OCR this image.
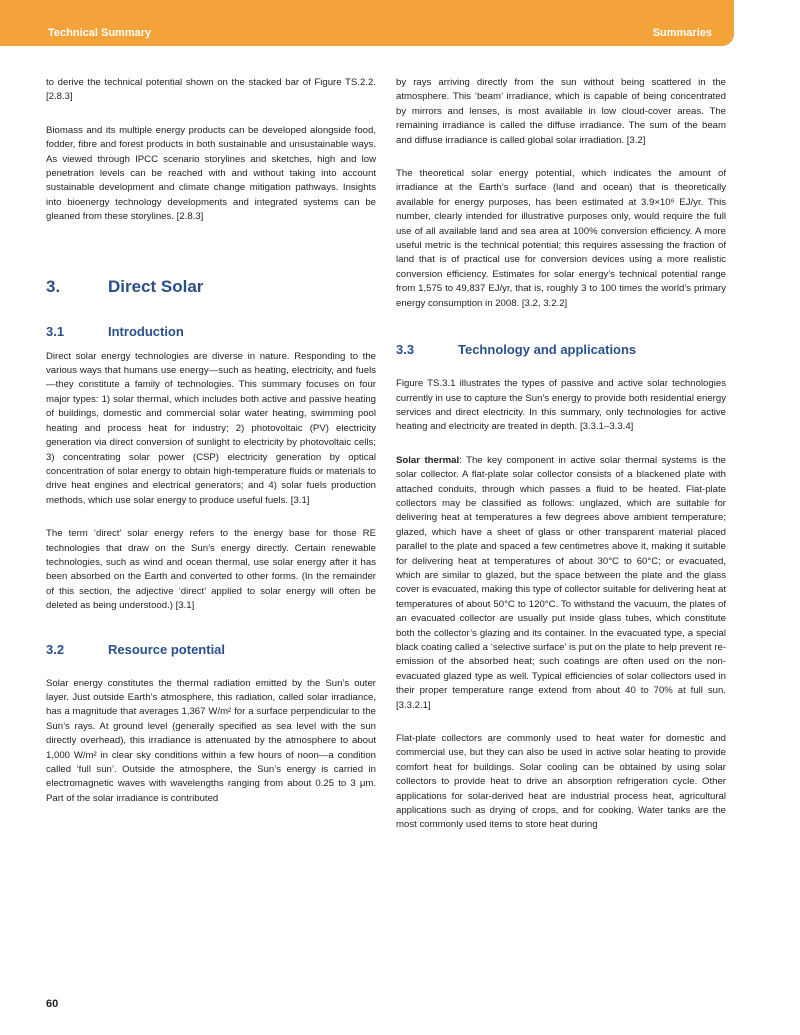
Technical Summary	Summaries

to derive the technical potential shown on the stacked bar of Figure TS.2.2. [2.8.3]

Biomass and its multiple energy products can be developed alongside food, fodder, fibre and forest products in both sustainable and unsustainable ways. As viewed through IPCC scenario storylines and sketches, high and low penetration levels can be reached with and without taking into account sustainable development and climate change mitigation pathways. Insights into bioenergy technology developments and integrated systems can be gleaned from these storylines. [2.8.3]

3.	Direct Solar
3.1	Introduction

Direct solar energy technologies are diverse in nature. Responding to the various ways that humans use energy—such as heating, electricity, and fuels—they constitute a family of technologies. This summary focuses on four major types: 1) solar thermal, which includes both active and passive heating of buildings, domestic and commercial solar water heating, swimming pool heating and process heat for industry; 2) photovoltaic (PV) electricity generation via direct conversion of sunlight to electricity by photovoltaic cells; 3) concentrating solar power (CSP) electricity generation by optical concentration of solar energy to obtain high-temperature fluids or materials to drive heat engines and electrical generators; and 4) solar fuels production methods, which use solar energy to produce useful fuels. [3.1]

The term ‘direct’ solar energy refers to the energy base for those RE technologies that draw on the Sun’s energy directly. Certain renewable technologies, such as wind and ocean thermal, use solar energy after it has been absorbed on the Earth and converted to other forms. (In the remainder of this section, the adjective ‘direct’ applied to solar energy will often be deleted as being understood.) [3.1]

3.2	Resource potential

Solar energy constitutes the thermal radiation emitted by the Sun’s outer layer. Just outside Earth’s atmosphere, this radiation, called solar irradiance, has a magnitude that averages 1,367 W/m² for a surface perpendicular to the Sun’s rays. At ground level (generally specified as sea level with the sun directly overhead), this irradiance is attenuated by the atmosphere to about 1,000 W/m² in clear sky conditions within a few hours of noon—a condition called ‘full sun’. Outside the atmosphere, the Sun’s energy is carried in electromagnetic waves with wavelengths ranging from about 0.25 to 3 μm. Part of the solar irradiance is contributed

by rays arriving directly from the sun without being scattered in the atmosphere. This ‘beam’ irradiance, which is capable of being concentrated by mirrors and lenses, is most available in low cloud-cover areas. The remaining irradiance is called the diffuse irradiance. The sum of the beam and diffuse irradiance is called global solar irradiation. [3.2]

The theoretical solar energy potential, which indicates the amount of irradiance at the Earth’s surface (land and ocean) that is theoretically available for energy purposes, has been estimated at 3.9×10⁶ EJ/yr. This number, clearly intended for illustrative purposes only, would require the full use of all available land and sea area at 100% conversion efficiency. A more useful metric is the technical potential; this requires assessing the fraction of land that is of practical use for conversion devices using a more realistic conversion efficiency. Estimates for solar energy’s technical potential range from 1,575 to 49,837 EJ/yr, that is, roughly 3 to 100 times the world’s primary energy consumption in 2008. [3.2, 3.2.2]

3.3	Technology and applications

Figure TS.3.1 illustrates the types of passive and active solar technologies currently in use to capture the Sun’s energy to provide both residential energy services and direct electricity. In this summary, only technologies for active heating and electricity are treated in depth. [3.3.1–3.3.4]

Solar thermal: The key component in active solar thermal systems is the solar collector. A flat-plate solar collector consists of a blackened plate with attached conduits, through which passes a fluid to be heated. Flat-plate collectors may be classified as follows: unglazed, which are suitable for delivering heat at temperatures a few degrees above ambient temperature; glazed, which have a sheet of glass or other transparent material placed parallel to the plate and spaced a few centimetres above it, making it suitable for delivering heat at temperatures of about 30°C to 60°C; or evacuated, which are similar to glazed, but the space between the plate and the glass cover is evacuated, making this type of collector suitable for delivering heat at temperatures of about 50°C to 120°C. To withstand the vacuum, the plates of an evacuated collector are usually put inside glass tubes, which constitute both the collector’s glazing and its container. In the evacuated type, a special black coating called a ‘selective surface’ is put on the plate to help prevent re-emission of the absorbed heat; such coatings are often used on the non-evacuated glazed type as well. Typical efficiencies of solar collectors used in their proper temperature range extend from about 40 to 70% at full sun. [3.3.2.1]

Flat-plate collectors are commonly used to heat water for domestic and commercial use, but they can also be used in active solar heating to provide comfort heat for buildings. Solar cooling can be obtained by using solar collectors to provide heat to drive an absorption refrigeration cycle. Other applications for solar-derived heat are industrial process heat, agricultural applications such as drying of crops, and for cooking. Water tanks are the most commonly used items to store heat during

60
